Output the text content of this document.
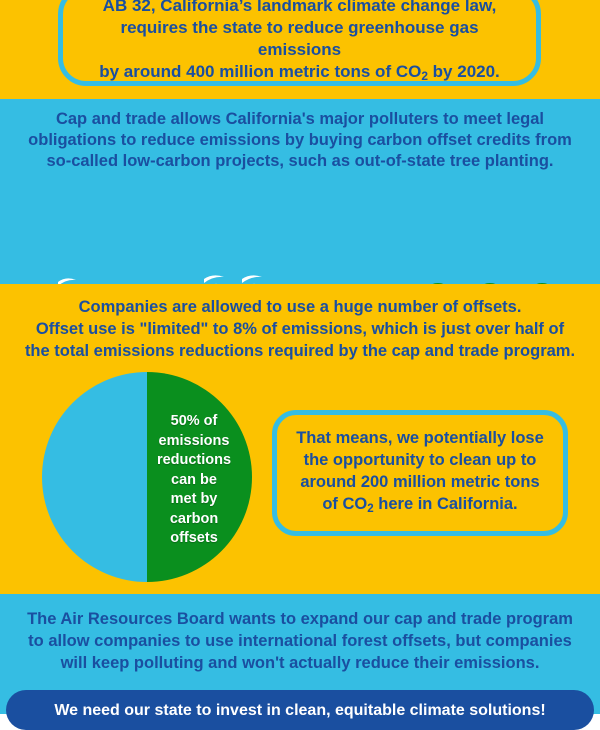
AB 32, California’s landmark climate change law,
requires the state to reduce greenhouse gas emissions
by around 400 million metric tons of $CO_2$ by 2020.
Cap and trade allows California's major polluters to meet legal
obligations to reduce emissions by buying carbon offset credits from
so-called low-carbon projects, such as out-of-state tree planting.
Companies are allowed to use a huge number of offsets.
Offset use is "limited" to 8% of emissions, which is just over half of
the total emissions reductions required by the cap and trade program.
50% of
emissions
reductions
can be
met by
carbon
offsets
That means, we potentially lose
the opportunity to clean up to
around 200 million metric tons
of $CO_2$ here in California.
The Air Resources Board wants to expand our cap and trade program
to allow companies to use international forest offsets, but companies
will keep polluting and won't actually reduce their emissions.
We need our state to invest in clean, equitable climate solutions!
